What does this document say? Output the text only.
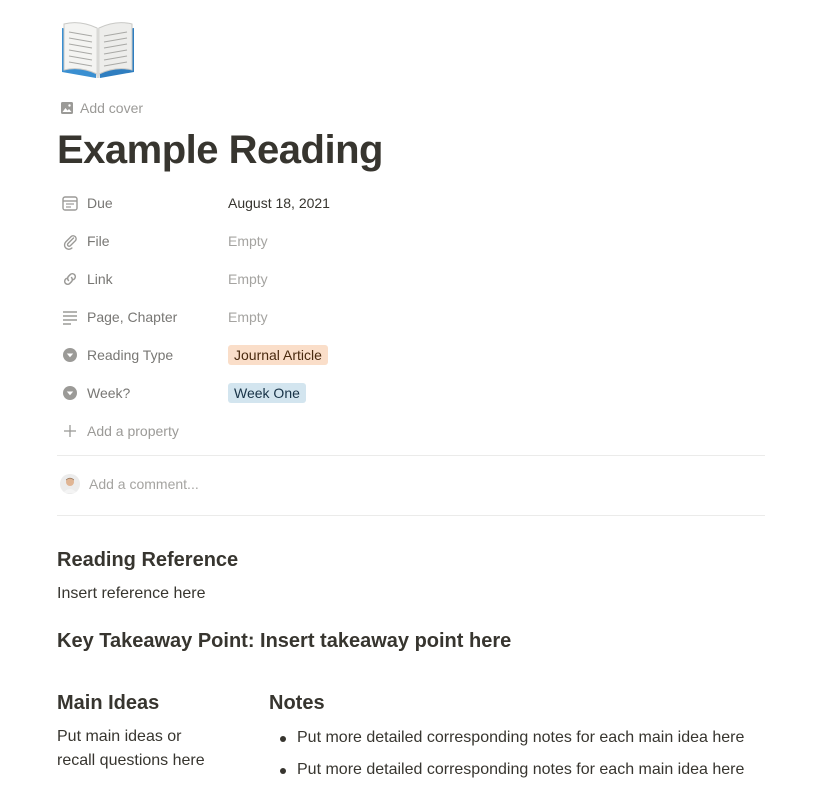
Add cover
Example Reading
Due	August 18, 2021
File	Empty
Link	Empty
Page, Chapter	Empty
Reading Type	Journal Article
Week?	Week One
Add a property
Add a comment...
Reading Reference
Insert reference here
Key Takeaway Point: Insert takeaway point here
Main Ideas
Put main ideas or
recall questions here
Notes
Put more detailed corresponding notes for each main idea here
Put more detailed corresponding notes for each main idea here
